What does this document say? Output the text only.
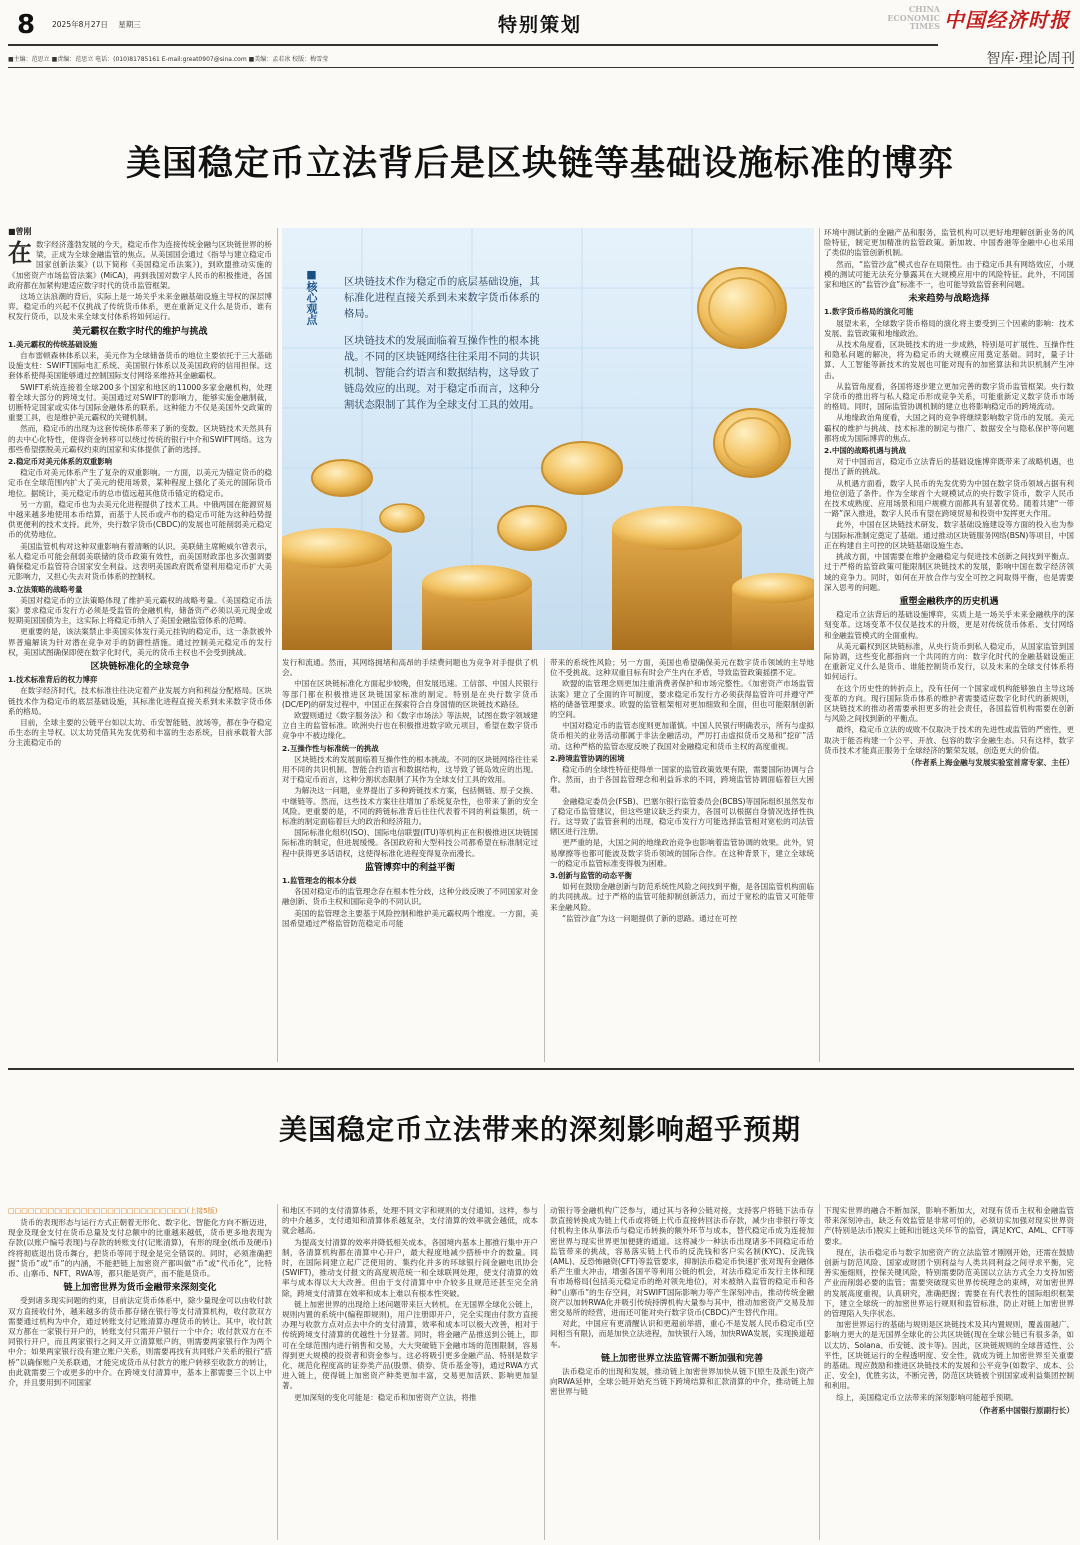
8	2025年8月27日 星期三	特别策划
CHINA
ECONOMIC
TIMES 中国经济时报
■主编：范思立 ■责编：范思立 电话：(010)81785161 E-mail:great0907@sina.com ■美编：孟若冰 校版：梅雪莹	智库·理论周刊
美国稳定币立法背后是区块链等基础设施标准的博弈
■曾刚

在数字经济蓬勃发展的今天，稳定币作为连接传统金融与区块链世界的桥梁，正成为全球金融监管的焦点。从美国国会通过《指导与建立稳定币国家创新法案》(以下简称《美国稳定币法案》)，到欧盟推动实施的《加密资产市场监管法案》(MiCA)，再到我国对数字人民币的积极推进，各国政府都在加紧构建适应数字时代的货币监管框架。

这场立法浪潮的背后，实际上是一场关乎未来金融基础设施主导权的深层博弈。稳定币的兴起不仅挑战了传统货币体系，更在重新定义什么是货币、谁有权发行货币，以及未来全球支付体系将如何运行。

美元霸权在数字时代的维护与挑战
1.美元霸权的传统基础设施

自布雷顿森林体系以来，美元作为全球储备货币的地位主要依托于三大基础设施支柱：SWIFT国际电汇系统、美国银行体系以及美国政府的信用担保。这套体系使得美国能够通过控制国际支付网络来维持其金融霸权。

SWIFT系统连接着全球200多个国家和地区的11000多家金融机构，处理着全球大部分的跨境支付。美国通过对SWIFT的影响力，能够实施金融制裁，切断特定国家或实体与国际金融体系的联系。这种能力不仅是美国外交政策的重要工具，也是维护美元霸权的关键机制。

然而，稳定币的出现为这套传统体系带来了新的变数。区块链技术天然具有的去中心化特性，使得资金转移可以绕过传统的银行中介和SWIFT网络。这为那些希望摆脱美元霸权约束的国家和实体提供了新的选择。

2.稳定币对美元体系的双重影响

稳定币对美元体系产生了复杂的双重影响。一方面，以美元为锚定货币的稳定币在全球范围内扩大了美元的使用场景，某种程度上强化了美元的国际货币地位。据统计，美元稳定币的总市值远超其他货币锚定的稳定币。

另一方面，稳定币也为去美元化进程提供了技术工具。中俄两国在能源贸易中越来越多地使用本币结算，而基于人民币或卢布的稳定币可能为这种趋势提供更便利的技术支持。此外，央行数字货币(CBDC)的发展也可能削弱美元稳定币的优势地位。

美国监管机构对这种双重影响有着清晰的认识。美联储主席鲍威尔曾表示，私人稳定币可能会削弱美联储的货币政策有效性，而美国财政部也多次强调要确保稳定币监管符合国家安全利益。这表明美国政府既希望利用稳定币扩大美元影响力，又担心失去对货币体系的控制权。

3.立法策略的战略考量

美国对稳定币的立法策略体现了维护美元霸权的战略考量。《美国稳定币法案》要求稳定币发行方必须是受监管的金融机构，储备资产必须以美元现金或短期美国国债为主，这实际上将稳定币纳入了美国金融监管体系的范畴。

更重要的是，该法案禁止非美国实体发行美元挂钩的稳定币，这一条款被外界普遍解读为针对潜在竞争对手的防御性措施。通过控制美元稳定币的发行权，美国试图确保即使在数字化时代，美元的货币主权也不会受到挑战。

区块链标准化的全球竞争
1.技术标准背后的权力博弈

在数字经济时代，技术标准往往决定着产业发展方向和利益分配格局。区块链技术作为稳定币的底层基础设施，其标准化进程直接关系到未来数字货币体系的格局。

目前，全球主要的公链平台如以太坊、币安智能链、波场等，都在争夺稳定币生态的主导权。以太坊凭借其先发优势和丰富的生态系统，目前承载着大部分主流稳定币的

■核心观点	区块链技术作为稳定币的底层基础设施，其标准化进程直接关系到未来数字货币体系的格局。
区块链技术的发展面临着互操作性的根本挑战。不同的区块链网络往往采用不同的共识机制、智能合约语言和数据结构，这导致了链岛效应的出现。对于稳定币而言，这种分割状态限制了其作为全球支付工具的效用。

发行和流通。然而，其网络拥堵和高昂的手续费问题也为竞争对手提供了机会。

中国在区块链标准化方面起步较晚，但发展迅速。工信部、中国人民银行等部门都在积极推进区块链国家标准的制定。特别是在央行数字货币(DC/EP)的研发过程中，中国正在探索符合自身国情的区块链技术路径。

欧盟则通过《数字服务法》和《数字市场法》等法规，试图在数字领域建立自主的监管标准。欧洲央行也在积极推进数字欧元项目，希望在数字货币竞争中不被边缘化。

2.互操作性与标准统一的挑战

区块链技术的发展面临着互操作性的根本挑战。不同的区块链网络往往采用不同的共识机制、智能合约语言和数据结构，这导致了链岛效应的出现。对于稳定币而言，这种分割状态限制了其作为全球支付工具的效用。

为解决这一问题，业界提出了多种跨链技术方案，包括侧链、原子交换、中继链等。然而，这些技术方案往往增加了系统复杂性，也带来了新的安全风险。更重要的是，不同的跨链标准背后往往代表着不同的利益集团，统一标准的制定面临着巨大的政治和经济阻力。

国际标准化组织(ISO)、国际电信联盟(ITU)等机构正在积极推进区块链国际标准的制定，但进展缓慢。各国政府和大型科技公司都希望在标准制定过程中获得更多话语权，这使得标准化进程变得复杂而漫长。

监管博弈中的利益平衡
1.监管理念的根本分歧

各国对稳定币的监管理念存在根本性分歧，这种分歧反映了不同国家对金融创新、货币主权和国际竞争的不同认识。

美国的监管理念主要基于风险控制和维护美元霸权两个维度。一方面，美国希望通过严格监管防范稳定币可能

带来的系统性风险；另一方面，美国也希望确保美元在数字货币领域的主导地位不受挑战。这种双重目标有时会产生内在矛盾，导致监管政策摇摆不定。

欧盟的监管理念则更加注重消费者保护和市场完整性。《加密资产市场监管法案》建立了全面的许可制度，要求稳定币发行方必须获得监管许可并遵守严格的储备管理要求。欧盟的监管框架相对更加细致和全面，但也可能限制创新的空间。

中国对稳定币的监管态度则更加谨慎。中国人民银行明确表示，所有与虚拟货币相关的业务活动都属于非法金融活动，严厉打击虚拟货币交易和“挖矿”活动。这种严格的监管态度反映了我国对金融稳定和货币主权的高度重视。

2.跨境监管协调的困境

稳定币的全球性特征使得单一国家的监管政策效果有限，需要国际协调与合作。然而，由于各国监管理念和利益诉求的不同，跨境监管协调面临着巨大困难。

金融稳定委员会(FSB)、巴塞尔银行监管委员会(BCBS)等国际组织虽然发布了稳定币监管建议，但这些建议缺乏约束力，各国可以根据自身情况选择性执行。这导致了监管套利的出现，稳定币发行方可能选择监管相对宽松的司法管辖区进行注册。

更严重的是，大国之间的地缘政治竞争也影响着监管协调的效果。此外，贸易摩擦等也都可能波及数字货币领域的国际合作。在这种背景下，建立全球统一的稳定币监管标准变得极为困难。

3.创新与监管的动态平衡

如何在鼓励金融创新与防范系统性风险之间找到平衡，是各国监管机构面临的共同挑战。过于严格的监管可能抑制创新活力，而过于宽松的监管又可能带来金融风险。

“监管沙盒”为这一问题提供了新的思路。通过在可控

环境中测试新的金融产品和服务，监管机构可以更好地理解创新业务的风险特征，制定更加精准的监管政策。新加坡、中国香港等金融中心也采用了类似的监管创新机制。

然而，“监管沙盒”模式也存在局限性。由于稳定币具有网络效应，小规模的测试可能无法充分暴露其在大规模应用中的风险特征。此外，不同国家和地区的“监管沙盒”标准不一，也可能导致监管套利问题。

未来趋势与战略选择
1.数字货币格局的演化可能

展望未来，全球数字货币格局的演化将主要受到三个因素的影响：技术发展、监管政策和地缘政治。

从技术角度看，区块链技术的进一步成熟，特别是可扩展性、互操作性和隐私问题的解决，将为稳定币的大规模应用奠定基础。同时，量子计算、人工智能等新技术的发展也可能对现有的加密算法和共识机制产生冲击。

从监管角度看，各国将逐步建立更加完善的数字货币监管框架。央行数字货币的推出将与私人稳定币形成竞争关系，可能重新定义数字货币市场的格局。同时，国际监管协调机制的建立也将影响稳定币的跨境流动。

从地缘政治角度看，大国之间的竞争将继续影响数字货币的发展。美元霸权的维护与挑战、技术标准的制定与推广、数据安全与隐私保护等问题都将成为国际博弈的焦点。

2.中国的战略机遇与挑战

对于中国而言，稳定币立法背后的基础设施博弈既带来了战略机遇，也提出了新的挑战。

从机遇方面看，数字人民币的先发优势为中国在数字货币领域占据有利地位创造了条件。作为全球首个大规模试点的央行数字货币，数字人民币在技术成熟度、应用场景和用户规模方面都具有显著优势。随着共建“一带一路”深入推进，数字人民币有望在跨境贸易和投资中发挥更大作用。

此外，中国在区块链技术研发、数字基础设施建设等方面的投入也为参与国际标准制定奠定了基础。通过推动区块链服务网络(BSN)等项目，中国正在构建自主可控的区块链基础设施生态。

挑战方面，中国需要在维护金融稳定与促进技术创新之间找到平衡点。过于严格的监管政策可能限制区块链技术的发展，影响中国在数字经济领域的竞争力。同时，如何在开放合作与安全可控之间取得平衡，也是需要深入思考的问题。

重塑金融秩序的历史机遇

稳定币立法背后的基础设施博弈，实质上是一场关乎未来金融秩序的深刻变革。这场变革不仅仅是技术的升级，更是对传统货币体系、支付网络和金融监管模式的全面重构。

从美元霸权到区块链标准，从央行货币到私人稳定币，从国家监管到国际协调，这些变化都指向一个共同的方向：数字化时代的金融基础设施正在重新定义什么是货币、谁能控制货币发行，以及未来的全球支付体系将如何运行。

在这个历史性的转折点上，没有任何一个国家或机构能够独自主导这场变革的方向。现行国际货币体系的维护者需要适应数字化时代的新规则，区块链技术的推动者需要承担更多的社会责任，各国监管机构需要在创新与风险之间找到新的平衡点。

最终，稳定币立法的成败不仅取决于技术的先进性或监管的严密性，更取决于能否构建一个公平、开放、包容的数字金融生态。只有这样，数字货币技术才能真正服务于全球经济的繁荣发展，创造更大的价值。

（作者系上海金融与发展实验室首席专家、主任）
美国稳定币立法带来的深刻影响超乎预期
□□□□□□□□□□□□□□□□□□□□□□□□□□□(上接5版)

货币的表现形态与运行方式正朝着无形化、数字化、智能化方向不断迈进，现金及现金支付在货币总量及支付总额中的比重越来越低，货币更多地表现为存款(以账户编号表现)与存款的转账支付(记账清算)，有形的现金(纸币及硬币)终将彻底退出货币舞台，把货币等同于现金是完全错误的。同时，必须准确把握“货币”或“币”的内涵，不能把链上加密资产都叫做“币”或“代币化”，比特币、山寨币、NFT、RWA等，都只能是资产，而不能是货币。

链上加密世界为货币金融带来深刻变化

受到诸多现实问题的约束，目前法定货币体系中，除少量现金可以由收付款双方直接收付外，越来越多的货币都存储在银行等支付清算机构，收付款双方需要通过机构为中介，通过转账支付记账清算办理货币的转让。其中，收付款双方都在一家银行开户的，转账支付只需开户银行一个中介；收付款双方在不同银行开户，而且两家银行之间又开立清算账户的，则需要两家银行作为两个中介；如果两家银行没有建立账户关系，则需要再找有共同账户关系的银行“搭桥”以确保账户关系联通，才能完成货币从付款方的账户转移至收款方的转让，由此就需要三个或更多的中介。在跨境支付清算中，基本上都需要三个以上中介，并且要用到不同国家

和地区不同的支付清算体系，处理不同文字和规则的支付通知。这样，参与的中介越多，支付通知和清算体系越复杂，支付清算的效率就会越低，成本就会越高。

为提高支付清算的效率并降低相关成本，各国境内基本上都推行集中开户制，各清算机构都在清算中心开户，最大程度地减少搭桥中介的数量。同时，在国际间建立起广泛使用的、集约化并多的环球银行间金融电讯协会(SWIFT)，推动支付报文的高度规范统一和全球联网处理，使支付清算的效率与成本得以大大改善。但由于支付清算中中介较多且规范还甚至完全消除，跨境支付清算在效率和成本上难以有根本性突破。

链上加密世界的出现给上述问题带来巨大转机。在无国界全球化公链上，规则内置的系统中(编程即规则)，用户注册即开户，完全实现由付款方直接办理与收款方点对点去中介的支付清算，效率和成本可以极大改善，相对于传统跨境支付清算的优越性十分显著。同时，将金融产品推送到公链上，即可在全球范围内进行销售和交易，大大突破链下金融市场的范围限制，容易得到更大规模的投资者和资金参与。这必将吸引更多金融产品、特别是数字化、规范化程度高的证券类产品(股票、债券、货币基金等)，通过RWA方式进入链上，使得链上加密资产种类更加丰富，交易更加活跃、影响更加显著。

更加深刻的变化可能是：稳定币和加密资产立法，将推

动银行等金融机构广泛参与，通过其与各种公链对接，支持客户将链下法币存款直接转换成为链上代币或将链上代币直接转回法币存款，减少由非银行等支付机构主体从事法币与稳定币转换的额外环节与成本，替代稳定币成为连接加密世界与现实世界更加便捷的通道。这将减少一种法币出现诸多不同稳定币给监管带来的挑战，容易落实链上代币的反洗钱和客户实名制(KYC)、反洗钱(AML)、反恐怖融资(CFT)等监管要求，抑制法币稳定币快速扩张对现有金融体系产生重大冲击，增强各国平等利用公链的机会，对法币稳定币发行主体和现有市场格局(包括美元稳定币的绝对领先地位)，对未被纳入监管的稳定币和各种“山寨币”的生存空间，对SWIFT国际影响力等产生深刻冲击，推动传统金融资产以加转RWA化并吸引传统持牌机构大量参与其中，推动加密资产交易及加密交易所的经营，进而还可能对央行数字货币(CBDC)产生替代作用。

对此，中国应有更清醒认识和更超前举措，重心不是发展人民币稳定币(空间相当有限)，而是加快立法进程，加快银行入场，加快RWA发展，实现换道超车。

链上加密世界立法监管需不断加强和完善

法币稳定币的出现和发展，推动链上加密世界加快从链下(原生及派生)资产向RWA延伸，全球公链开始充当链下跨境结算和汇款清算的中介，推动链上加密世界与链

下现实世界的融合不断加深，影响不断加大，对现有货币主权和金融监管带来深刻冲击，缺乏有效监管是非常可怕的，必须切实加强对现实世界资产(特别是法币)脱实上链和出链这关环节的监管，满足KYC、AML、CFT等要求。

现在，法币稳定币与数字加密资产的立法监管才刚刚开始，还需在鼓励创新与防范风险、国家或财团个别利益与人类共同利益之间寻求平衡，完善实施细则，控保关键风险，特别需要防范美国以立法方式全力支持加密产业而削弱必要的监管；需要突破现实世界传统理念的束缚，对加密世界的发展高度重视，认真研究，准确把握；需要在有代表性的国际组织框架下，建立全球统一的加密世界运行规则和监管标准，防止对链上加密世界的管理陷入失序状态。

加密世界运行的基础与规则是区块链技术及其内置规则，覆盖面越广、影响力更大的是无国界全球化的公共区块链(现在全球公链已有很多条，如以太坊、Solana、币安链、波卡等)。因此，区块链规则的全球普适性、公平性，区块链运行的全程透明度、安全性，就成为链上加密世界至关重要的基础。现应鼓励和推进区块链技术的发展和公平竞争(如数字、成本、公正、安全)，优胜劣汰，不断完善，防范区块链被个别国家或利益集团控制和利用。

综上，美国稳定币立法带来的深刻影响可能超乎预期。

（作者系中国银行原副行长）
